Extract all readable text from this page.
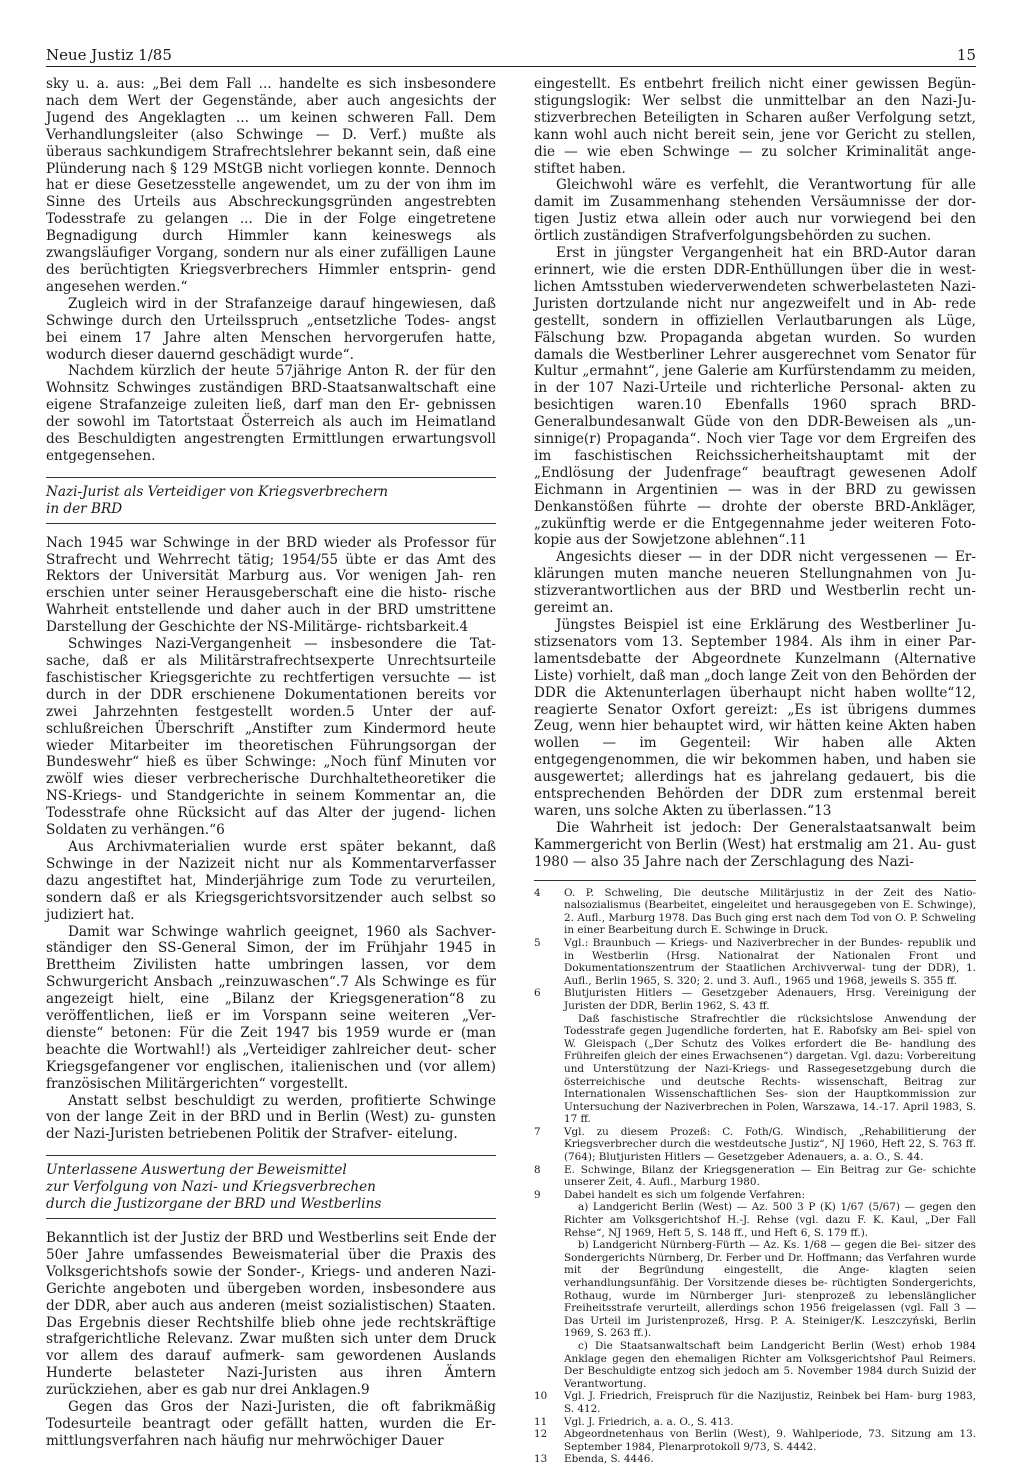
Neue Justiz 1/85	15

sky u. a. aus: „Bei dem Fall ... handelte es sich insbesondere nach dem Wert der Gegenstände, aber auch angesichts der Jugend des Angeklagten ... um keinen schweren Fall. Dem Verhandlungsleiter (also Schwinge — D. Verf.) mußte als überaus sachkundigem Strafrechtslehrer bekannt sein, daß eine Plünderung nach § 129 MStGB nicht vorliegen konnte. Dennoch hat er diese Gesetzesstelle angewendet, um zu der von ihm im Sinne des Urteils aus Abschreckungsgründen angestrebten Todesstrafe zu gelangen ... Die in der Folge eingetretene Begnadigung durch Himmler kann keineswegs als zwangsläufiger Vorgang, sondern nur als einer zufälligen Laune des berüchtigten Kriegsverbrechers Himmler entsprin- gend angesehen werden.“

Zugleich wird in der Strafanzeige darauf hingewiesen, daß Schwinge durch den Urteilsspruch „entsetzliche Todes- angst bei einem 17 Jahre alten Menschen hervorgerufen hatte, wodurch dieser dauernd geschädigt wurde“.

Nachdem kürzlich der heute 57jährige Anton R. der für den Wohnsitz Schwinges zuständigen BRD-Staatsanwaltschaft eine eigene Strafanzeige zuleiten ließ, darf man den Er- gebnissen der sowohl im Tatortstaat Österreich als auch im Heimatland des Beschuldigten angestrengten Ermittlungen erwartungsvoll entgegensehen.

Nazi-Jurist als Verteidiger von Kriegsverbrechern
in der BRD

Nach 1945 war Schwinge in der BRD wieder als Professor für Strafrecht und Wehrrecht tätig; 1954/55 übte er das Amt des Rektors der Universität Marburg aus. Vor wenigen Jah- ren erschien unter seiner Herausgeberschaft eine die histo- rische Wahrheit entstellende und daher auch in der BRD umstrittene Darstellung der Geschichte der NS-Militärge- richtsbarkeit.4

Schwinges Nazi-Vergangenheit — insbesondere die Tat- sache, daß er als Militärstrafrechtsexperte Unrechtsurteile faschistischer Kriegsgerichte zu rechtfertigen versuchte — ist durch in der DDR erschienene Dokumentationen bereits vor zwei Jahrzehnten festgestellt worden.5 Unter der auf- schlußreichen Überschrift „Anstifter zum Kindermord heute wieder Mitarbeiter im theoretischen Führungsorgan der Bundeswehr“ hieß es über Schwinge: „Noch fünf Minuten vor zwölf wies dieser verbrecherische Durchhaltetheoretiker die NS-Kriegs- und Standgerichte in seinem Kommentar an, die Todesstrafe ohne Rücksicht auf das Alter der jugend- lichen Soldaten zu verhängen.“6

Aus Archivmaterialien wurde erst später bekannt, daß Schwinge in der Nazizeit nicht nur als Kommentarverfasser dazu angestiftet hat, Minderjährige zum Tode zu verurteilen, sondern daß er als Kriegsgerichtsvorsitzender auch selbst so judiziert hat.

Damit war Schwinge wahrlich geeignet, 1960 als Sachver- ständiger den SS-General Simon, der im Frühjahr 1945 in Brettheim Zivilisten hatte umbringen lassen, vor dem Schwurgericht Ansbach „reinzuwaschen“.7 Als Schwinge es für angezeigt hielt, eine „Bilanz der Kriegsgeneration“8 zu veröffentlichen, ließ er im Vorspann seine weiteren „Ver- dienste“ betonen: Für die Zeit 1947 bis 1959 wurde er (man beachte die Wortwahl!) als „Verteidiger zahlreicher deut- scher Kriegsgefangener vor englischen, italienischen und (vor allem) französischen Militärgerichten“ vorgestellt.

Anstatt selbst beschuldigt zu werden, profitierte Schwinge von der lange Zeit in der BRD und in Berlin (West) zu- gunsten der Nazi-Juristen betriebenen Politik der Strafver- eitelung.

Unterlassene Auswertung der Beweismittel
zur Verfolgung von Nazi- und Kriegsverbrechen
durch die Justizorgane der BRD und Westberlins

Bekanntlich ist der Justiz der BRD und Westberlins seit Ende der 50er Jahre umfassendes Beweismaterial über die Praxis des Volksgerichtshofs sowie der Sonder-, Kriegs- und anderen Nazi-Gerichte angeboten und übergeben worden, insbesondere aus der DDR, aber auch aus anderen (meist sozialistischen) Staaten. Das Ergebnis dieser Rechtshilfe blieb ohne jede rechtskräftige strafgerichtliche Relevanz. Zwar mußten sich unter dem Druck vor allem des darauf aufmerk- sam gewordenen Auslands Hunderte belasteter Nazi-Juristen aus ihren Ämtern zurückziehen, aber es gab nur drei Anklagen.9

Gegen das Gros der Nazi-Juristen, die oft fabrikmäßig Todesurteile beantragt oder gefällt hatten, wurden die Er- mittlungsverfahren nach häufig nur mehrwöchiger Dauer

eingestellt. Es entbehrt freilich nicht einer gewissen Begün- stigungslogik: Wer selbst die unmittelbar an den Nazi-Ju- stizverbrechen Beteiligten in Scharen außer Verfolgung setzt, kann wohl auch nicht bereit sein, jene vor Gericht zu stellen, die — wie eben Schwinge — zu solcher Kriminalität ange- stiftet haben.

Gleichwohl wäre es verfehlt, die Verantwortung für alle damit im Zusammenhang stehenden Versäumnisse der dor- tigen Justiz etwa allein oder auch nur vorwiegend bei den örtlich zuständigen Strafverfolgungsbehörden zu suchen.

Erst in jüngster Vergangenheit hat ein BRD-Autor daran erinnert, wie die ersten DDR-Enthüllungen über die in west- lichen Amtsstuben wiederverwendeten schwerbelasteten Nazi-Juristen dortzulande nicht nur angezweifelt und in Ab- rede gestellt, sondern in offiziellen Verlautbarungen als Lüge, Fälschung bzw. Propaganda abgetan wurden. So wurden damals die Westberliner Lehrer ausgerechnet vom Senator für Kultur „ermahnt“, jene Galerie am Kurfürstendamm zu meiden, in der 107 Nazi-Urteile und richterliche Personal- akten zu besichtigen waren.10 Ebenfalls 1960 sprach BRD-Generalbundesanwalt Güde von den DDR-Beweisen als „un- sinnige(r) Propaganda“. Noch vier Tage vor dem Ergreifen des im faschistischen Reichssicherheitshauptamt mit der „Endlösung der Judenfrage“ beauftragt gewesenen Adolf Eichmann in Argentinien — was in der BRD zu gewissen Denkanstößen führte — drohte der oberste BRD-Ankläger, „zukünftig werde er die Entgegennahme jeder weiteren Foto- kopie aus der Sowjetzone ablehnen“.11

Angesichts dieser — in der DDR nicht vergessenen — Er- klärungen muten manche neueren Stellungnahmen von Ju- stizverantwortlichen aus der BRD und Westberlin recht un- gereimt an.

Jüngstes Beispiel ist eine Erklärung des Westberliner Ju- stizsenators vom 13. September 1984. Als ihm in einer Par- lamentsdebatte der Abgeordnete Kunzelmann (Alternative Liste) vorhielt, daß man „doch lange Zeit von den Behörden der DDR die Aktenunterlagen überhaupt nicht haben wollte“12, reagierte Senator Oxfort gereizt: „Es ist übrigens dummes Zeug, wenn hier behauptet wird, wir hätten keine Akten haben wollen — im Gegenteil: Wir haben alle Akten entgegengenommen, die wir bekommen haben, und haben sie ausgewertet; allerdings hat es jahrelang gedauert, bis die entsprechenden Behörden der DDR zum erstenmal bereit waren, uns solche Akten zu überlassen.“13

Die Wahrheit ist jedoch: Der Generalstaatsanwalt beim Kammergericht von Berlin (West) hat erstmalig am 21. Au- gust 1980 — also 35 Jahre nach der Zerschlagung des Nazi-

4	O. P. Schweling, Die deutsche Militärjustiz in der Zeit des Natio- nalsozialismus (Bearbeitet, eingeleitet und herausgegeben von E. Schwinge), 2. Aufl., Marburg 1978. Das Buch ging erst nach dem Tod von O. P. Schweling in einer Bearbeitung durch E. Schwinge in Druck.
5	Vgl.: Braunbuch — Kriegs- und Naziverbrecher in der Bundes- republik und in Westberlin (Hrsg. Nationalrat der Nationalen Front und Dokumentationszentrum der Staatlichen Archivverwal- tung der DDR), 1. Aufl., Berlin 1965, S. 320; 2. und 3. Aufl., 1965 und 1968, jeweils S. 355 ff.
6	Blutjuristen Hitlers — Gesetzgeber Adenauers, Hrsg. Vereinigung der Juristen der DDR, Berlin 1962, S. 43 ff.
Daß faschistische Strafrechtler die rücksichtslose Anwendung der Todesstrafe gegen Jugendliche forderten, hat E. Rabofsky am Bei- spiel von W. Gleispach („Der Schutz des Volkes erfordert die Be- handlung des Frühreifen gleich der eines Erwachsenen“) dargetan. Vgl. dazu: Vorbereitung und Unterstützung der Nazi-Kriegs- und Rassegesetzgebung durch die österreichische und deutsche Rechts- wissenschaft, Beitrag zur Internationalen Wissenschaftlichen Ses- sion der Hauptkommission zur Untersuchung der Naziverbrechen in Polen, Warszawa, 14.-17. April 1983, S. 17 ff.
7	Vgl. zu diesem Prozeß: C. Foth/G. Windisch, „Rehabilitierung der Kriegsverbrecher durch die westdeutsche Justiz“, NJ 1960, Heft 22, S. 763 ff. (764); Blutjuristen Hitlers — Gesetzgeber Adenauers, a. a. O., S. 44.
8	E. Schwinge, Bilanz der Kriegsgeneration — Ein Beitrag zur Ge- schichte unserer Zeit, 4. Aufl., Marburg 1980.
9	Dabei handelt es sich um folgende Verfahren:
a) Landgericht Berlin (West) — Az. 500 3 P (K) 1/67 (5/67) — gegen den Richter am Volksgerichtshof H.-J. Rehse (vgl. dazu F. K. Kaul, „Der Fall Rehse“, NJ 1969, Heft 5, S. 148 ff., und Heft 6, S. 179 ff.).
b) Landgericht Nürnberg-Fürth — Az. Ks. 1/68 — gegen die Bei- sitzer des Sondergerichts Nürnberg, Dr. Ferber und Dr. Hoffmann; das Verfahren wurde mit der Begründung eingestellt, die Ange- klagten seien verhandlungsunfähig. Der Vorsitzende dieses be- rüchtigten Sondergerichts, Rothaug, wurde im Nürnberger Juri- stenprozeß zu lebenslänglicher Freiheitsstrafe verurteilt, allerdings schon 1956 freigelassen (vgl. Fall 3 — Das Urteil im Juristenprozeß, Hrsg. P. A. Steiniger/K. Leszczyński, Berlin 1969, S. 263 ff.).
c) Die Staatsanwaltschaft beim Landgericht Berlin (West) erhob 1984 Anklage gegen den ehemaligen Richter am Volksgerichtshof Paul Reimers. Der Beschuldigte entzog sich jedoch am 5. November 1984 durch Suizid der Verantwortung.
10	Vgl. J. Friedrich, Freispruch für die Nazijustiz, Reinbek bei Ham- burg 1983, S. 412.
11	Vgl. J. Friedrich, a. a. O., S. 413.
12	Abgeordnetenhaus von Berlin (West), 9. Wahlperiode, 73. Sitzung am 13. September 1984, Plenarprotokoll 9/73, S. 4442.
13	Ebenda, S. 4446.
